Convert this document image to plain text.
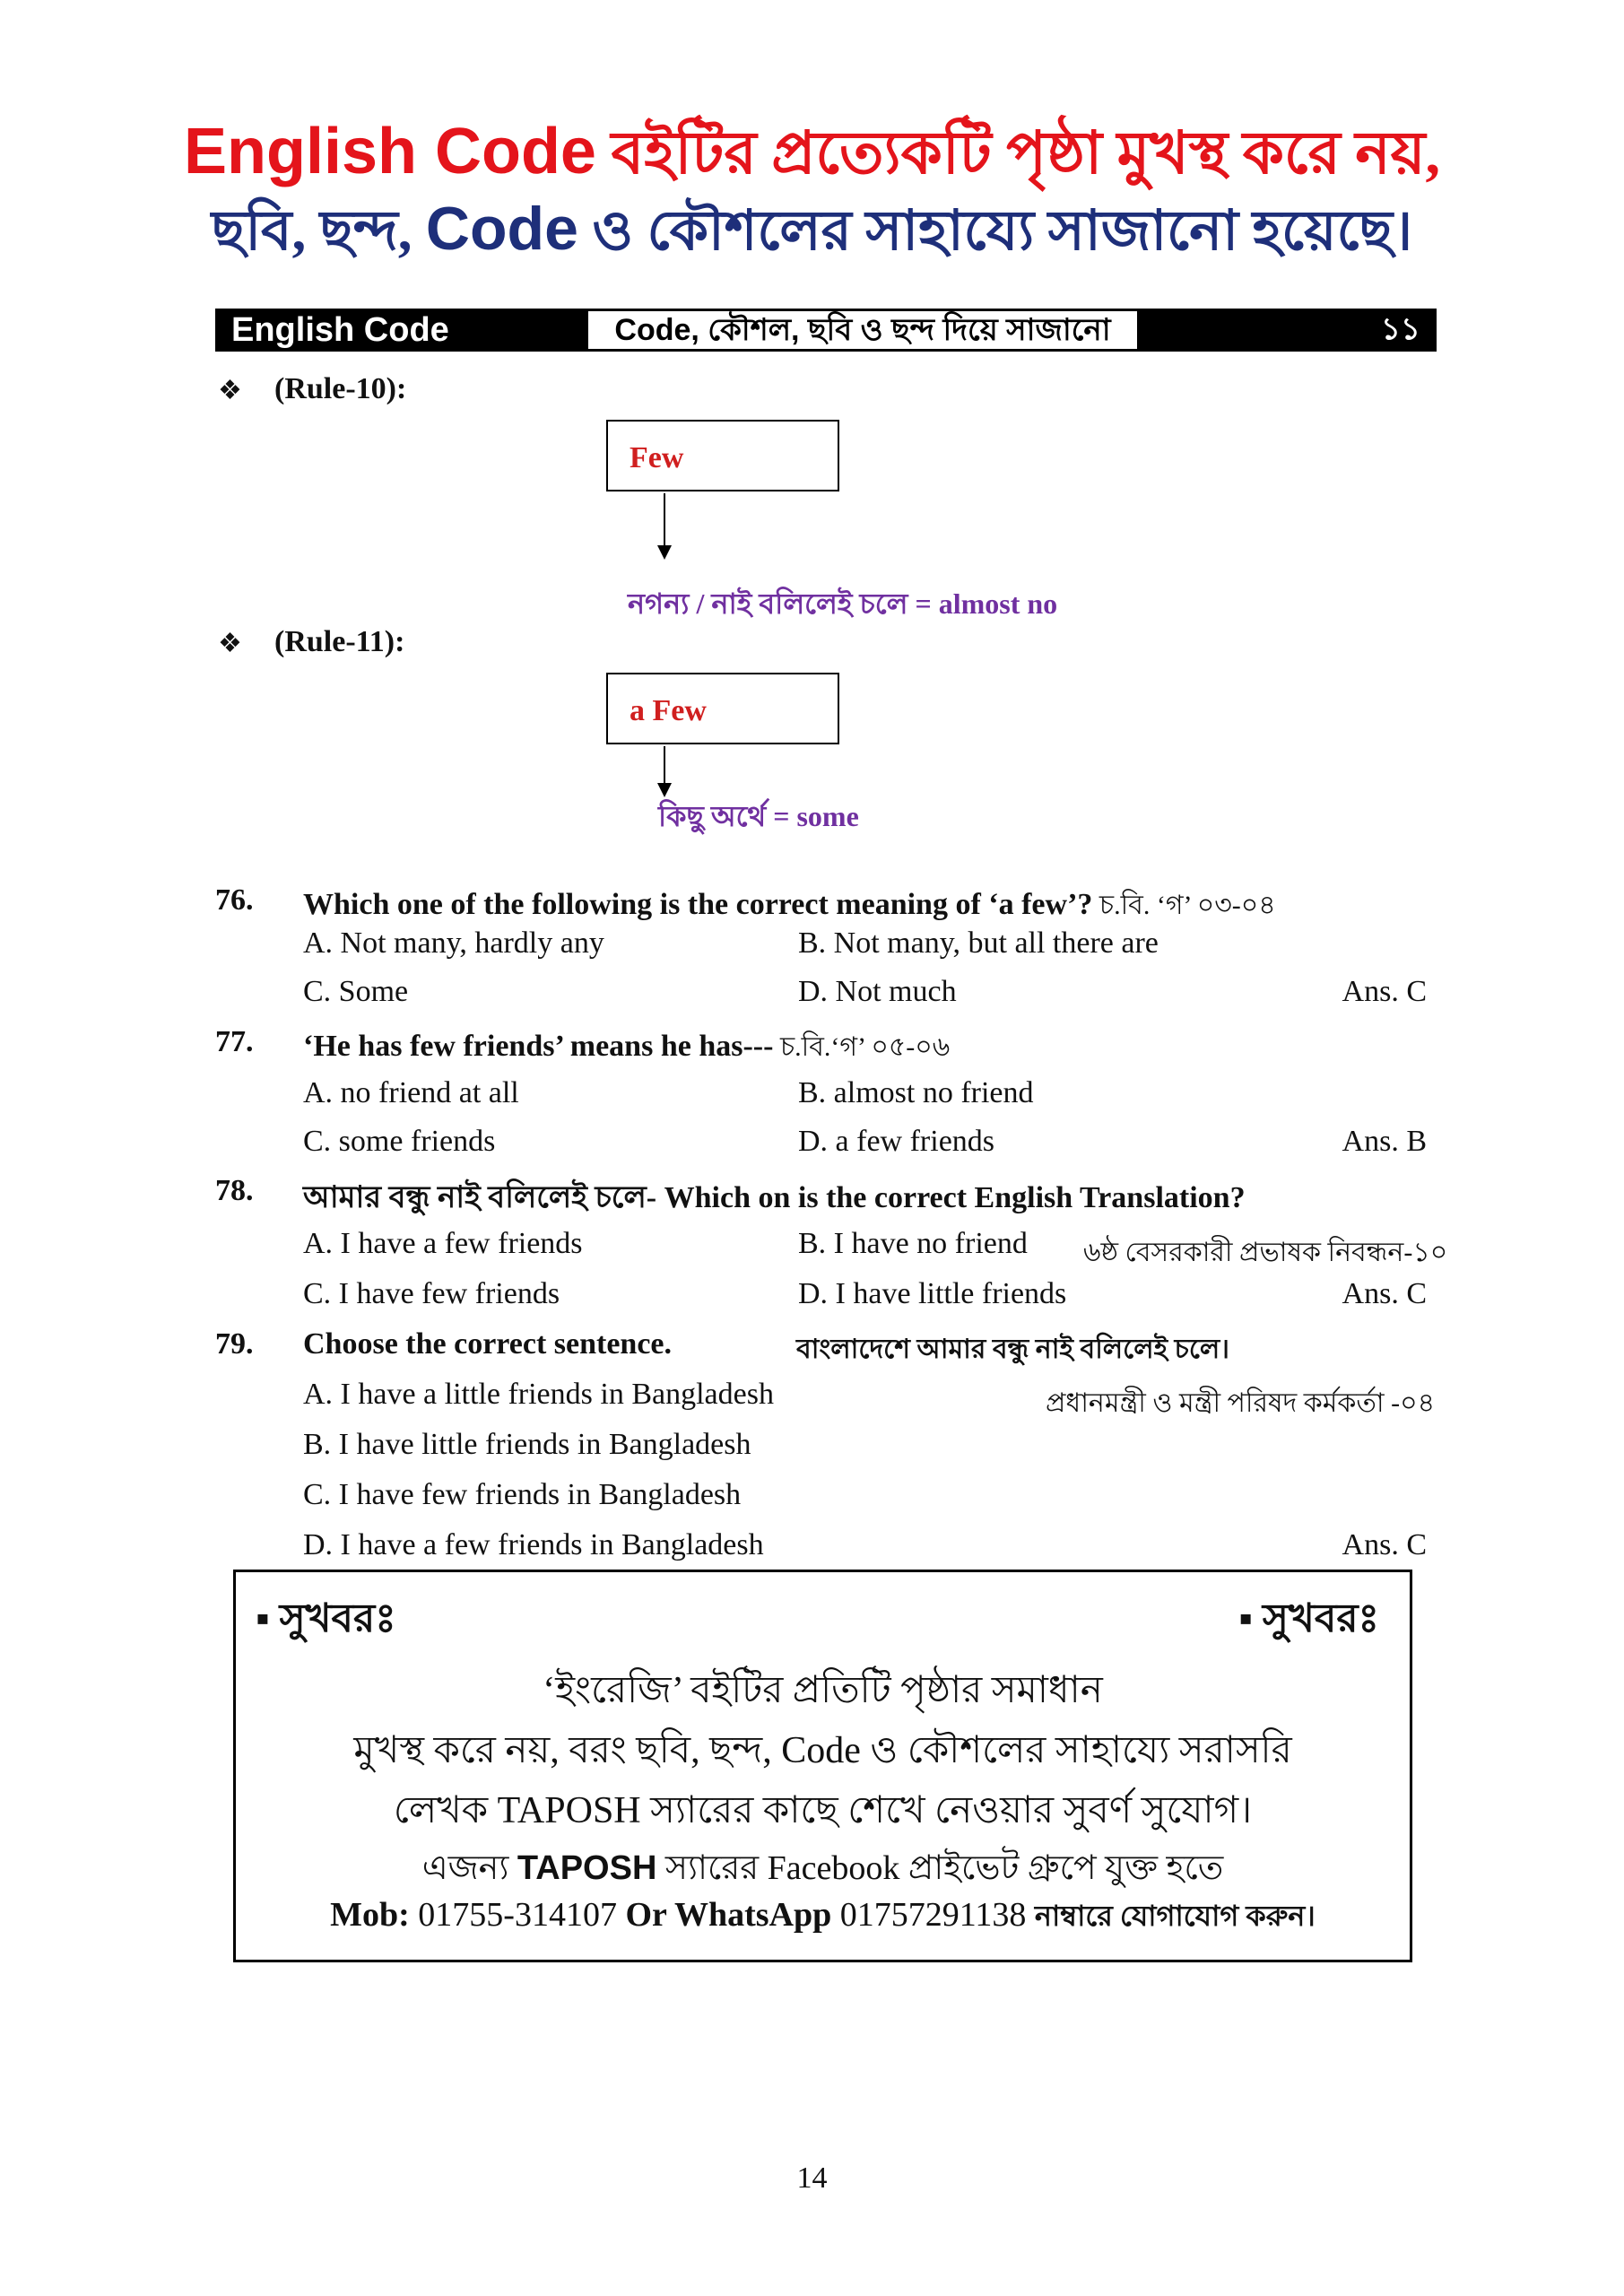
English Code বইটির প্রত্যেকটি পৃষ্ঠা মুখস্থ করে নয়,
ছবি, ছন্দ, Code ও কৌশলের সাহায্যে সাজানো হয়েছে।
English Code	Code, কৌশল, ছবি ও ছন্দ দিয়ে সাজানো	১১
❖ (Rule-10):
Few
নগন্য / নাই বলিলেই চলে = almost no
❖ (Rule-11):
a Few
কিছু অর্থে = some
76. Which one of the following is the correct meaning of ‘a few’? চ.বি. ‘গ’ ০৩-০৪
A. Not many, hardly any	B. Not many, but all there are
C. Some	D. Not much	Ans. C
77. ‘He has few friends’ means he has--- চ.বি.‘গ’ ০৫-০৬
A. no friend at all	B. almost no friend
C. some friends	D. a few friends	Ans. B
78. আমার বন্ধু নাই বলিলেই চলে- Which on is the correct English Translation?
A. I have a few friends	B. I have no friend ৬ষ্ঠ বেসরকারী প্রভাষক নিবন্ধন-১০
C. I have few friends	D. I have little friends	Ans. C
79. Choose the correct sentence.	বাংলাদেশে আমার বন্ধু নাই বলিলেই চলে।
A. I have a little friends in Bangladesh	প্রধানমন্ত্রী ও মন্ত্রী পরিষদ কর্মকর্তা -০৪
B. I have little friends in Bangladesh
C. I have few friends in Bangladesh
D. I have a few friends in Bangladesh	Ans. C
▪ সুখবরঃ	▪ সুখবরঃ
‘ইংরেজি’ বইটির প্রতিটি পৃষ্ঠার সমাধান
মুখস্থ করে নয়, বরং ছবি, ছন্দ, Code ও কৌশলের সাহায্যে সরাসরি
লেখক TAPOSH স্যারের কাছে শেখে নেওয়ার সুবর্ণ সুযোগ।
এজন্য TAPOSH স্যারের Facebook প্রাইভেট গ্রুপে যুক্ত হতে
Mob: 01755-314107 Or WhatsApp 01757291138 নাম্বারে যোগাযোগ করুন।
14
